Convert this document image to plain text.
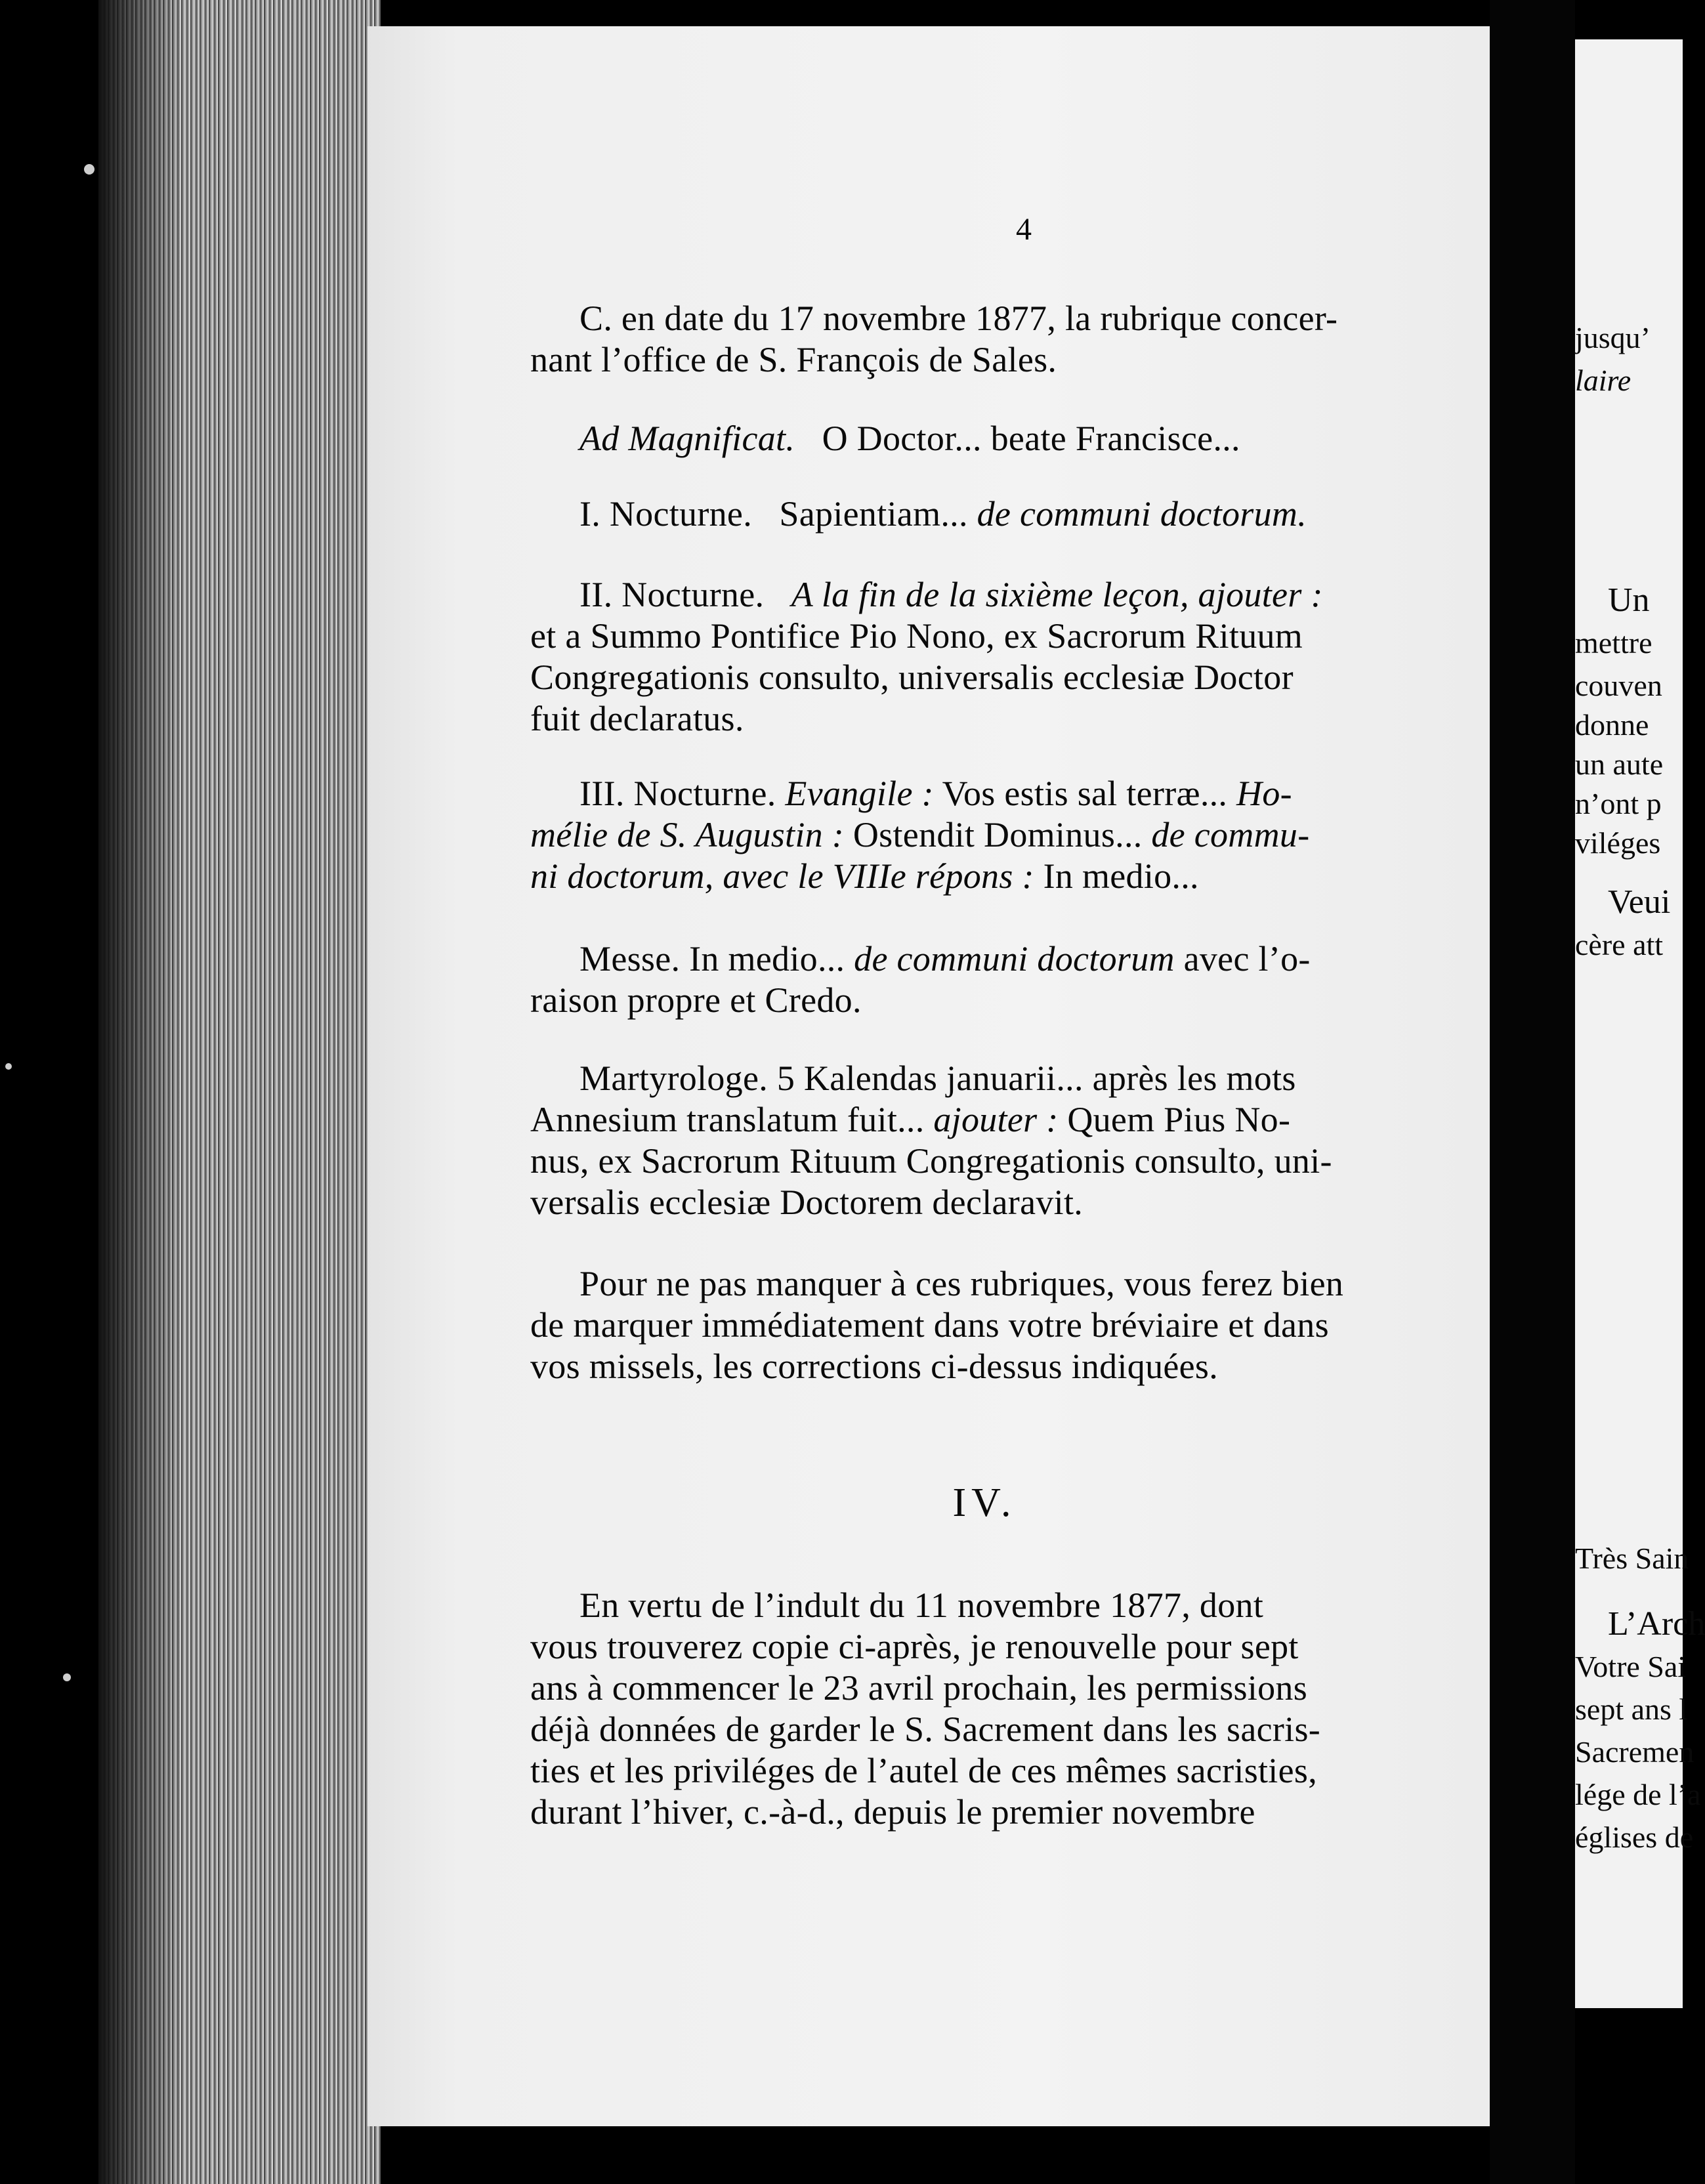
4
C. en date du 17 novembre 1877, la rubrique concer-
nant l’office de S. François de Sales.
Ad Magnificat. O Doctor... beate Francisce...
I. Nocturne. Sapientiam... de communi doctorum.
II. Nocturne. A la fin de la sixième leçon, ajouter :
et a Summo Pontifice Pio Nono, ex Sacrorum Rituum
Congregationis consulto, universalis ecclesiæ Doctor
fuit declaratus.
III. Nocturne. Evangile : Vos estis sal terræ... Ho-
mélie de S. Augustin : Ostendit Dominus... de commu-
ni doctorum, avec le VIIIe répons : In medio...
Messe. In medio... de communi doctorum avec l’o-
raison propre et Credo.
Martyrologe. 5 Kalendas januarii... après les mots
Annesium translatum fuit... ajouter : Quem Pius No-
nus, ex Sacrorum Rituum Congregationis consulto, uni-
versalis ecclesiæ Doctorem declaravit.
Pour ne pas manquer à ces rubriques, vous ferez bien
de marquer immédiatement dans votre bréviaire et dans
vos missels, les corrections ci-dessus indiquées.
IV.
En vertu de l’indult du 11 novembre 1877, dont
vous trouverez copie ci-après, je renouvelle pour sept
ans à commencer le 23 avril prochain, les permissions
déjà données de garder le S. Sacrement dans les sacris-
ties et les priviléges de l’autel de ces mêmes sacristies,
durant l’hiver, c.-à-d., depuis le premier novembre
jusqu’
laire
Un
mettre
couven
donne
un aute
n’ont p
viléges
Veui
cère att
Très Sain
L’Arch
Votre Sai
sept ans l
Sacremen
lége de l’a
églises de
